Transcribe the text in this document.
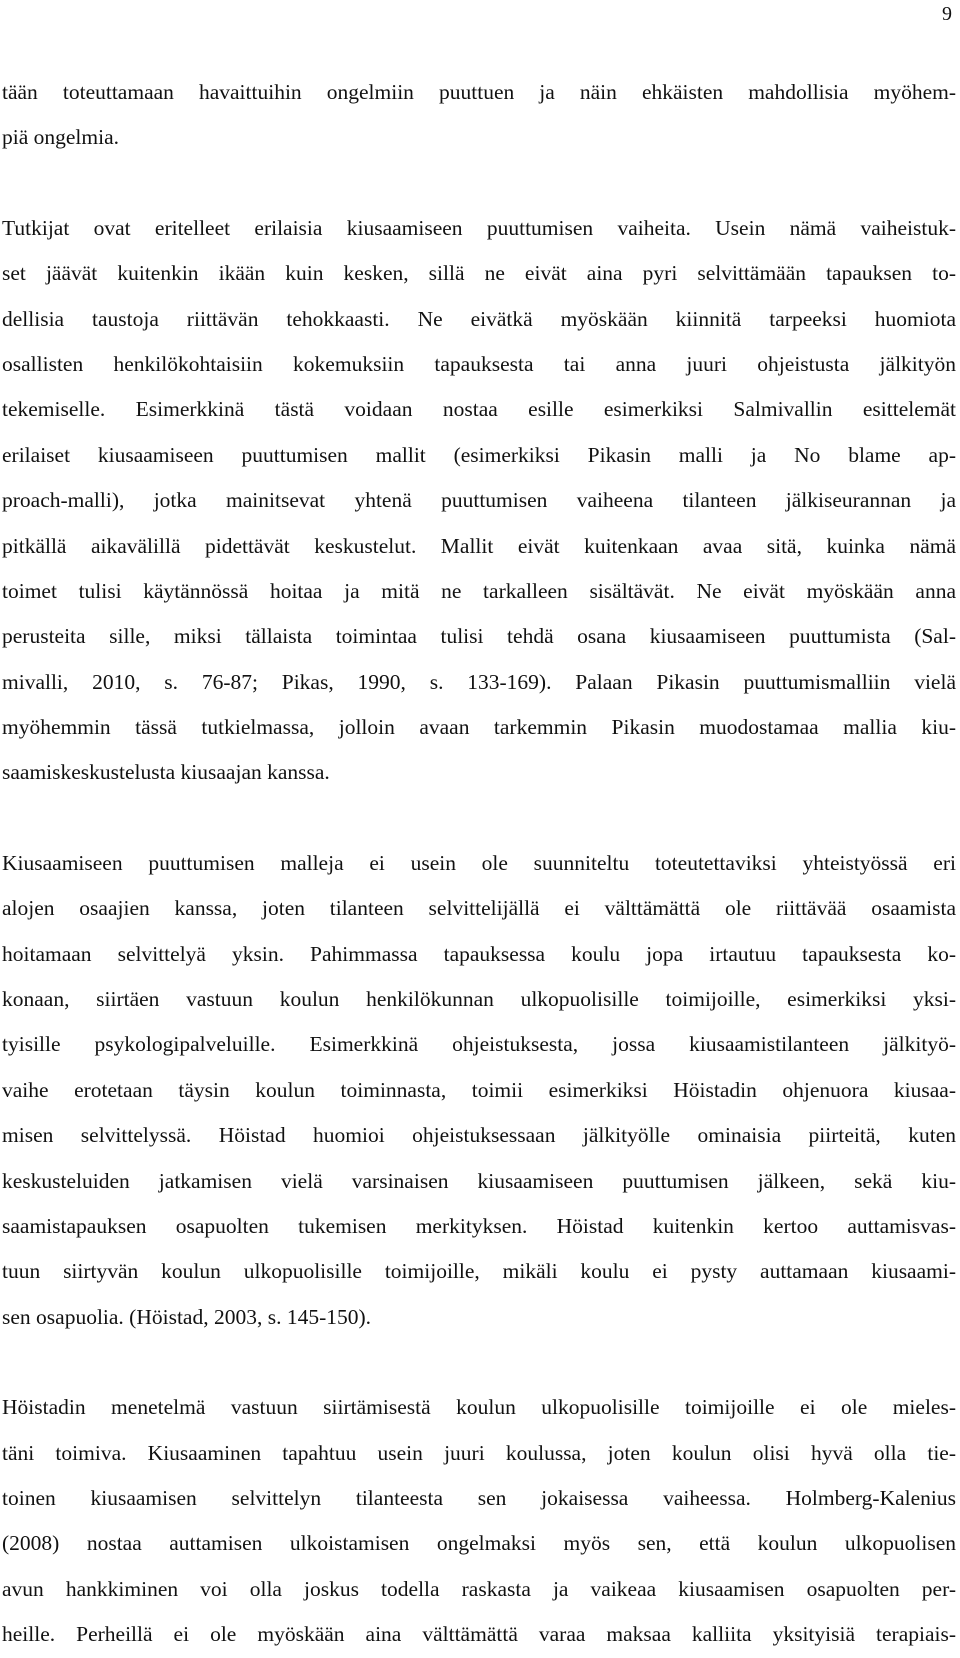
9
tään toteuttamaan havaittuihin ongelmiin puuttuen ja näin ehkäisten mahdollisia myöhem-
piä ongelmia.
Tutkijat ovat eritelleet erilaisia kiusaamiseen puuttumisen vaiheita. Usein nämä vaiheistuk-
set jäävät kuitenkin ikään kuin kesken, sillä ne eivät aina pyri selvittämään tapauksen to-
dellisia taustoja riittävän tehokkaasti. Ne eivätkä myöskään kiinnitä tarpeeksi huomiota
osallisten henkilökohtaisiin kokemuksiin tapauksesta tai anna juuri ohjeistusta jälkityön
tekemiselle. Esimerkkinä tästä voidaan nostaa esille esimerkiksi Salmivallin esittelemät
erilaiset kiusaamiseen puuttumisen mallit (esimerkiksi Pikasin malli ja No blame ap-
proach-malli), jotka mainitsevat yhtenä puuttumisen vaiheena tilanteen jälkiseurannan ja
pitkällä aikavälillä pidettävät keskustelut. Mallit eivät kuitenkaan avaa sitä, kuinka nämä
toimet tulisi käytännössä hoitaa ja mitä ne tarkalleen sisältävät. Ne eivät myöskään anna
perusteita sille, miksi tällaista toimintaa tulisi tehdä osana kiusaamiseen puuttumista (Sal-
mivalli, 2010, s. 76-87; Pikas, 1990, s. 133-169). Palaan Pikasin puuttumismalliin vielä
myöhemmin tässä tutkielmassa, jolloin avaan tarkemmin Pikasin muodostamaa mallia kiu-
saamiskeskustelusta kiusaajan kanssa.
Kiusaamiseen puuttumisen malleja ei usein ole suunniteltu toteutettaviksi yhteistyössä eri
alojen osaajien kanssa, joten tilanteen selvittelijällä ei välttämättä ole riittävää osaamista
hoitamaan selvittelyä yksin. Pahimmassa tapauksessa koulu jopa irtautuu tapauksesta ko-
konaan, siirtäen vastuun koulun henkilökunnan ulkopuolisille toimijoille, esimerkiksi yksi-
tyisille psykologipalveluille. Esimerkkinä ohjeistuksesta, jossa kiusaamistilanteen jälkityö-
vaihe erotetaan täysin koulun toiminnasta, toimii esimerkiksi Höistadin ohjenuora kiusaa-
misen selvittelyssä. Höistad huomioi ohjeistuksessaan jälkityölle ominaisia piirteitä, kuten
keskusteluiden jatkamisen vielä varsinaisen kiusaamiseen puuttumisen jälkeen, sekä kiu-
saamistapauksen osapuolten tukemisen merkityksen. Höistad kuitenkin kertoo auttamisvas-
tuun siirtyvän koulun ulkopuolisille toimijoille, mikäli koulu ei pysty auttamaan kiusaami-
sen osapuolia. (Höistad, 2003, s. 145-150).
Höistadin menetelmä vastuun siirtämisestä koulun ulkopuolisille toimijoille ei ole mieles-
täni toimiva. Kiusaaminen tapahtuu usein juuri koulussa, joten koulun olisi hyvä olla tie-
toinen kiusaamisen selvittelyn tilanteesta sen jokaisessa vaiheessa. Holmberg-Kalenius
(2008) nostaa auttamisen ulkoistamisen ongelmaksi myös sen, että koulun ulkopuolisen
avun hankkiminen voi olla joskus todella raskasta ja vaikeaa kiusaamisen osapuolten per-
heille. Perheillä ei ole myöskään aina välttämättä varaa maksaa kalliita yksityisiä terapiais-
